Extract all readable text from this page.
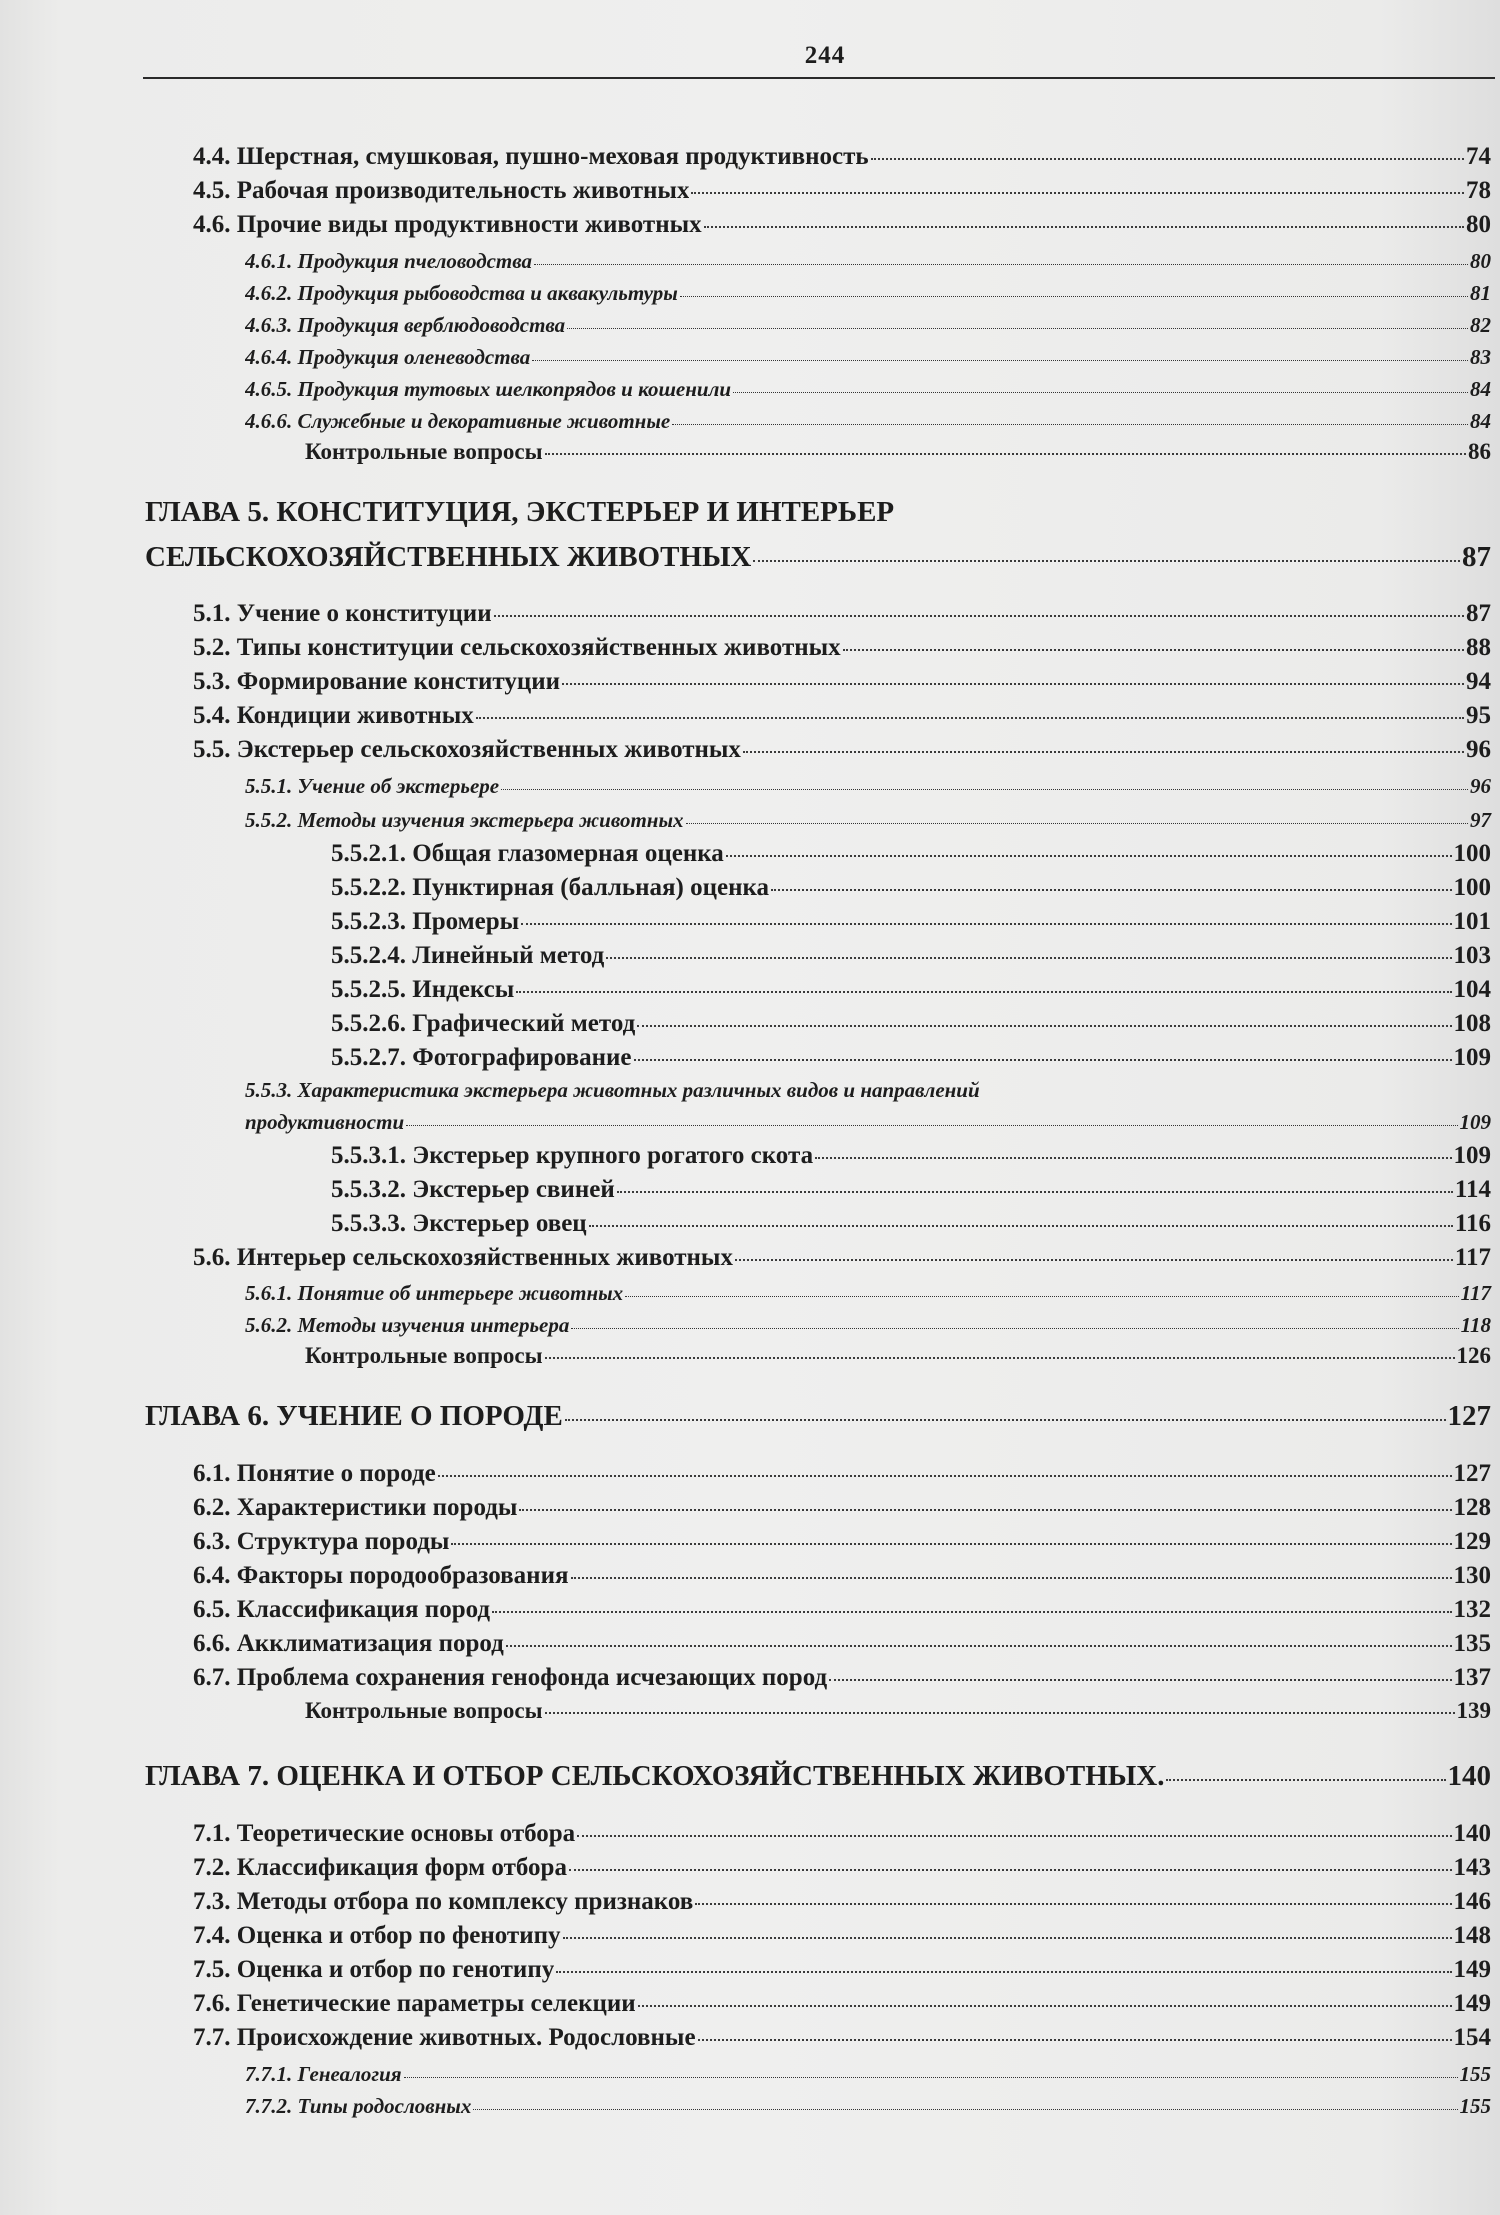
244
4.4. Шерстная, смушковая, пушно-меховая продуктивность	74
4.5. Рабочая производительность животных	78
4.6. Прочие виды продуктивности животных	80
4.6.1. Продукция пчеловодства	80
4.6.2. Продукция рыбоводства и аквакультуры	81
4.6.3. Продукция верблюдоводства	82
4.6.4. Продукция оленеводства	83
4.6.5. Продукция тутовых шелкопрядов и кошенили	84
4.6.6. Служебные и декоративные животные	84
Контрольные вопросы	86
ГЛАВА 5. КОНСТИТУЦИЯ, ЭКСТЕРЬЕР И ИНТЕРЬЕР
СЕЛЬСКОХОЗЯЙСТВЕННЫХ ЖИВОТНЫХ	87
5.1. Учение о конституции	87
5.2. Типы конституции сельскохозяйственных животных	88
5.3. Формирование конституции	94
5.4. Кондиции животных	95
5.5. Экстерьер сельскохозяйственных животных	96
5.5.1. Учение об экстерьере	96
5.5.2. Методы изучения экстерьера животных	97
5.5.2.1. Общая глазомерная оценка	100
5.5.2.2. Пунктирная (балльная) оценка	100
5.5.2.3. Промеры	101
5.5.2.4. Линейный метод	103
5.5.2.5. Индексы	104
5.5.2.6. Графический метод	108
5.5.2.7. Фотографирование	109
5.5.3. Характеристика экстерьера животных различных видов и направлений
продуктивности	109
5.5.3.1. Экстерьер крупного рогатого скота	109
5.5.3.2. Экстерьер свиней	114
5.5.3.3. Экстерьер овец	116
5.6. Интерьер сельскохозяйственных животных	117
5.6.1. Понятие об интерьере животных	117
5.6.2. Методы изучения интерьера	118
Контрольные вопросы	126
ГЛАВА 6. УЧЕНИЕ О ПОРОДЕ	127
6.1. Понятие о породе	127
6.2. Характеристики породы	128
6.3. Структура породы	129
6.4. Факторы породообразования	130
6.5. Классификация пород	132
6.6. Акклиматизация пород	135
6.7. Проблема сохранения генофонда исчезающих пород	137
Контрольные вопросы	139
ГЛАВА 7. ОЦЕНКА И ОТБОР СЕЛЬСКОХОЗЯЙСТВЕННЫХ ЖИВОТНЫХ.	140
7.1. Теоретические основы отбора	140
7.2. Классификация форм отбора	143
7.3. Методы отбора по комплексу признаков	146
7.4. Оценка и отбор по фенотипу	148
7.5. Оценка и отбор по генотипу	149
7.6. Генетические параметры селекции	149
7.7. Происхождение животных. Родословные	154
7.7.1. Генеалогия	155
7.7.2. Типы родословных	155
